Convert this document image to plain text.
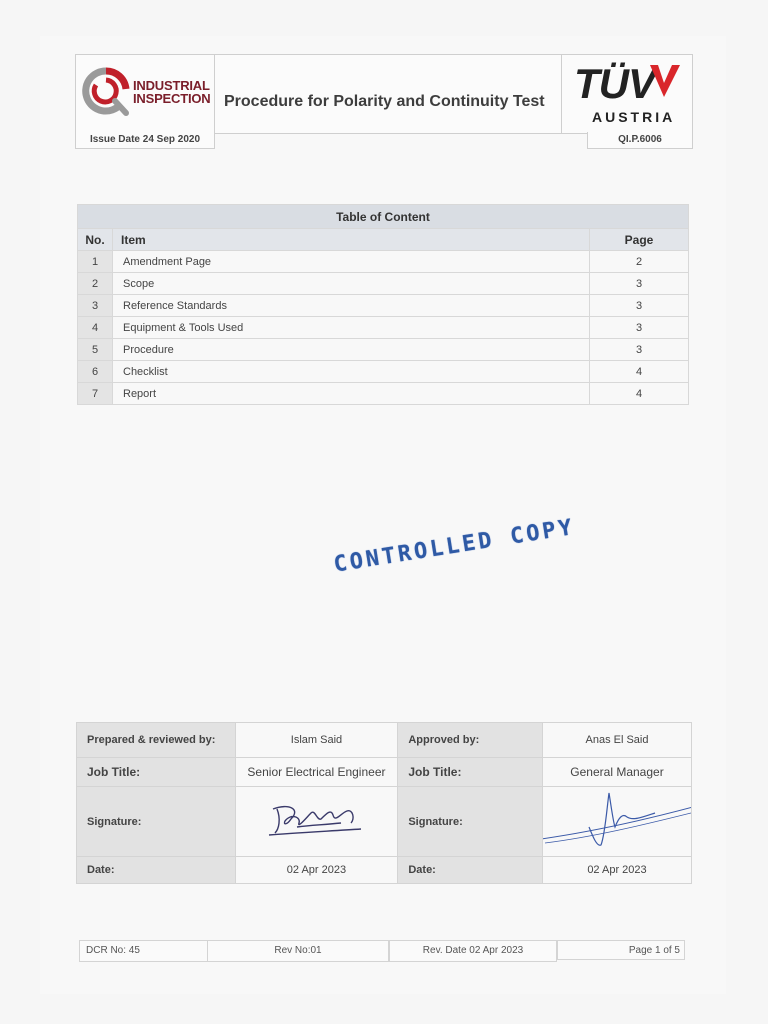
INDUSTRIAL
INSPECTION Procedure for Polarity and Continuity Test TÜV
AUSTRIA
Issue Date 24 Sep 2020	QI.P.6006
Table of Content		
No.	Item	Page
1	Amendment Page	2
2	Scope	3
3	Reference Standards	3
4	Equipment & Tools Used	3
5	Procedure	3
6	Checklist	4
7	Report	4
CONTROLLED COPY
Prepared & reviewed by:	Islam Said	Approved by:	Anas El Said
Job Title:	Senior Electrical Engineer	Job Title:	General Manager
Signature:		Signature:	
Date:	02 Apr 2023	Date:	02 Apr 2023
DCR No: 45	Rev No:01	Rev. Date 02 Apr 2023	Page 1 of 5
